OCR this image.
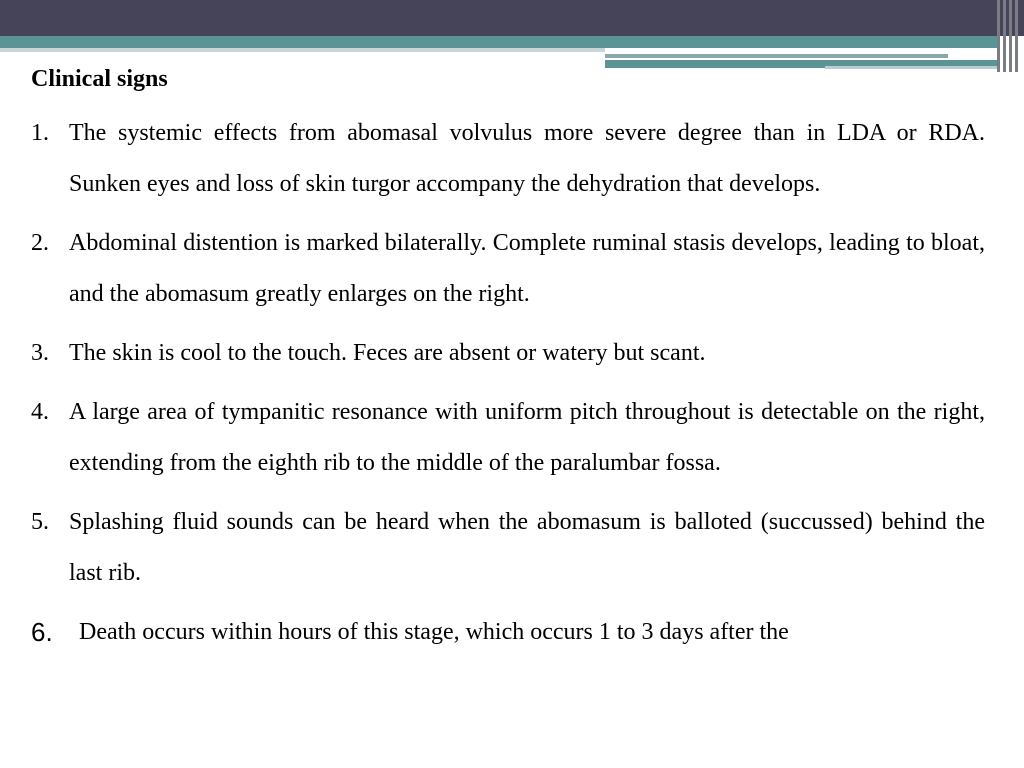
Clinical signs
1. The systemic effects from abomasal volvulus more severe degree than in LDA or RDA. Sunken eyes and loss of skin turgor accompany the dehydration that develops.
2. Abdominal distention is marked bilaterally. Complete ruminal stasis develops, leading to bloat, and the abomasum greatly enlarges on the right.
3. The skin is cool to the touch. Feces are absent or watery but scant.
4. A large area of tympanitic resonance with uniform pitch throughout is detectable on the right, extending from the eighth rib to the middle of the paralumbar fossa.
5. Splashing fluid sounds can be heard when the abomasum is balloted (succussed) behind the last rib.
6. Death occurs within hours of this stage, which occurs 1 to 3 days after the
